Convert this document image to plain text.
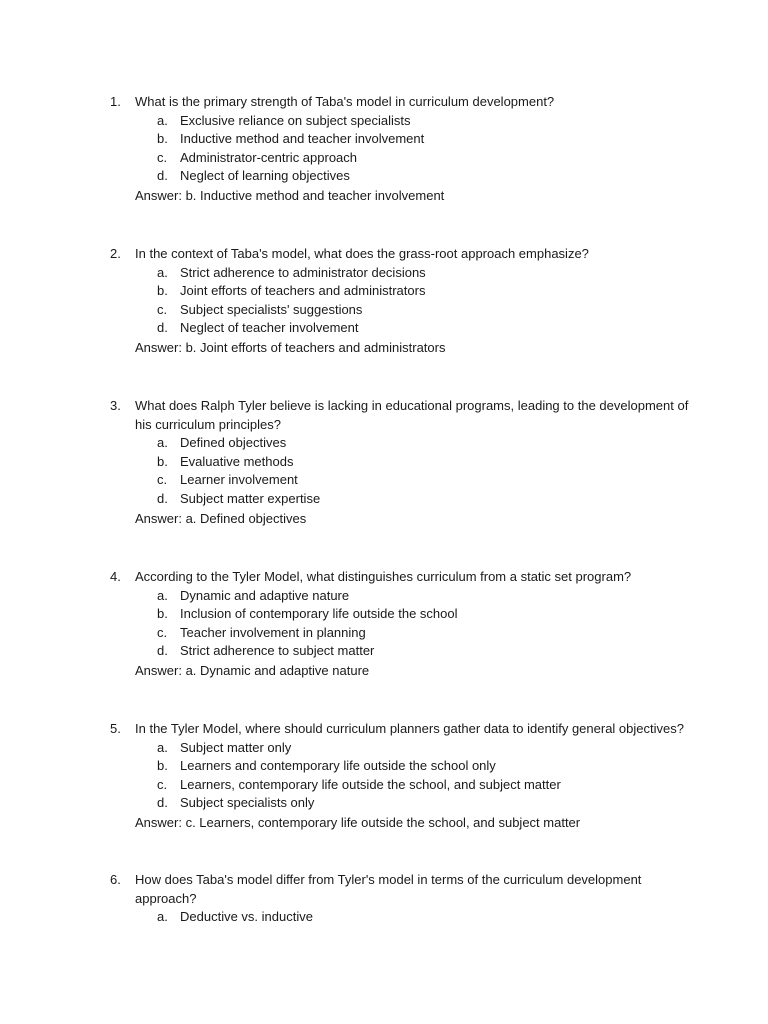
1.	What is the primary strength of Taba's model in curriculum development?
a. Exclusive reliance on subject specialists
b. Inductive method and teacher involvement
c. Administrator-centric approach
d. Neglect of learning objectives
Answer: b. Inductive method and teacher involvement
2.	In the context of Taba's model, what does the grass-root approach emphasize?
a. Strict adherence to administrator decisions
b. Joint efforts of teachers and administrators
c. Subject specialists' suggestions
d. Neglect of teacher involvement
Answer: b. Joint efforts of teachers and administrators
3.	What does Ralph Tyler believe is lacking in educational programs, leading to the development of his curriculum principles?
a. Defined objectives
b. Evaluative methods
c. Learner involvement
d. Subject matter expertise
Answer: a. Defined objectives
4.	According to the Tyler Model, what distinguishes curriculum from a static set program?
a. Dynamic and adaptive nature
b. Inclusion of contemporary life outside the school
c. Teacher involvement in planning
d. Strict adherence to subject matter
Answer: a. Dynamic and adaptive nature
5.	In the Tyler Model, where should curriculum planners gather data to identify general objectives?
a. Subject matter only
b. Learners and contemporary life outside the school only
c. Learners, contemporary life outside the school, and subject matter
d. Subject specialists only
Answer: c. Learners, contemporary life outside the school, and subject matter
6.	How does Taba's model differ from Tyler's model in terms of the curriculum development approach?
a. Deductive vs. inductive
